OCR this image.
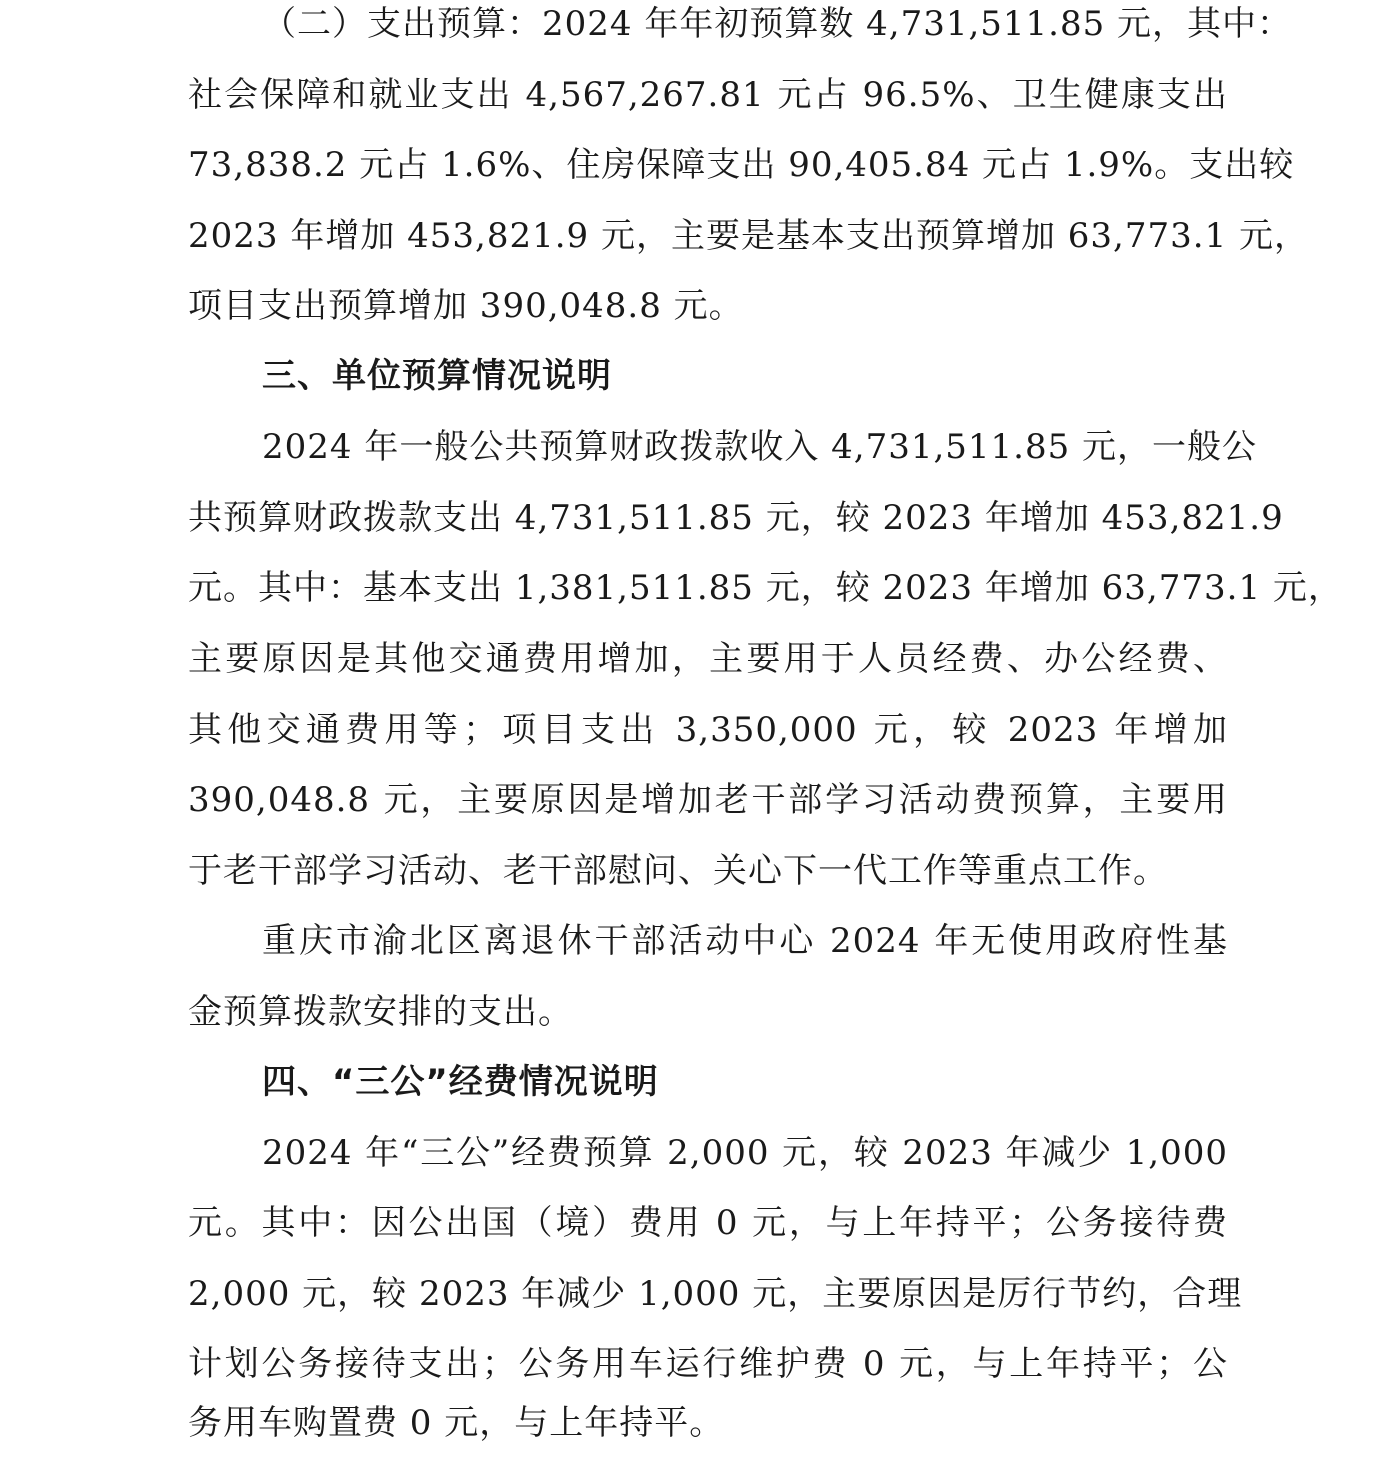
（二）支出预算：2024 年年初预算数 4,731,511.85 元，其中：
社会保障和就业支出 4,567,267.81 元占 96.5%、卫生健康支出
73,838.2 元占 1.6%、住房保障支出 90,405.84 元占 1.9%。支出较
2023 年增加 453,821.9 元，主要是基本支出预算增加 63,773.1 元，
项目支出预算增加 390,048.8 元。
三、单位预算情况说明
2024 年一般公共预算财政拨款收入 4,731,511.85 元，一般公
共预算财政拨款支出 4,731,511.85 元，较 2023 年增加 453,821.9
元。其中：基本支出 1,381,511.85 元，较 2023 年增加 63,773.1 元，
主要原因是其他交通费用增加，主要用于人员经费、办公经费、
其他交通费用等；项目支出 3,350,000 元，较 2023 年增加
390,048.8 元，主要原因是增加老干部学习活动费预算，主要用
于老干部学习活动、老干部慰问、关心下一代工作等重点工作。
重庆市渝北区离退休干部活动中心 2024 年无使用政府性基
金预算拨款安排的支出。
四、“三公”经费情况说明
2024 年“三公”经费预算 2,000 元，较 2023 年减少 1,000
元。其中：因公出国（境）费用 0 元，与上年持平；公务接待费
2,000 元，较 2023 年减少 1,000 元，主要原因是厉行节约，合理
计划公务接待支出；公务用车运行维护费 0 元，与上年持平；公
务用车购置费 0 元，与上年持平。
